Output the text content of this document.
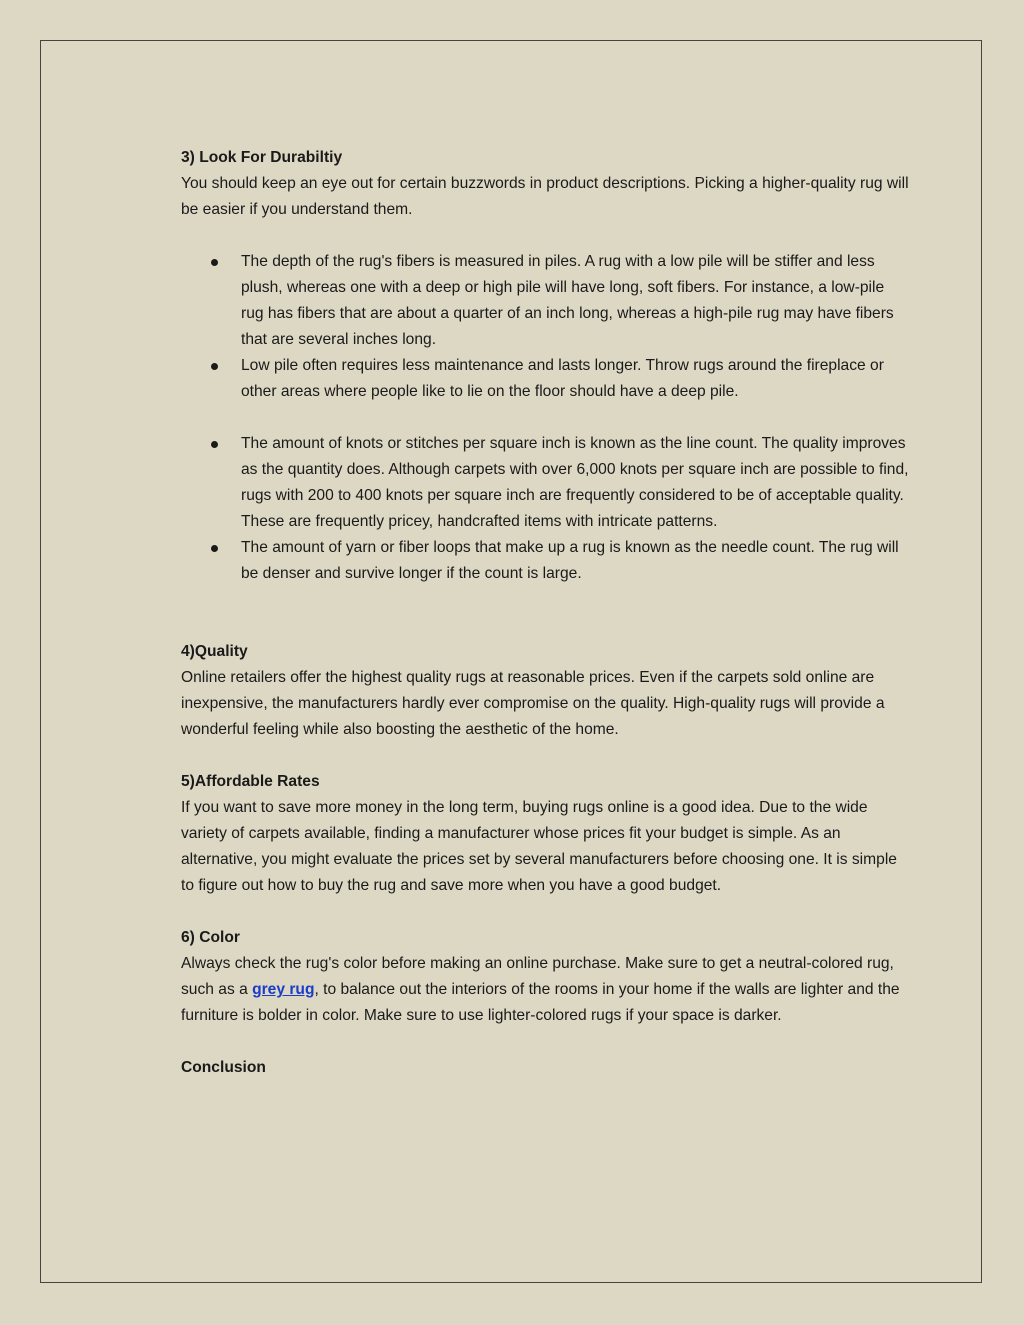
3) Look For Durabiltiy

You should keep an eye out for certain buzzwords in product descriptions. Picking a higher-quality rug will be easier if you understand them.

The depth of the rug's fibers is measured in piles. A rug with a low pile will be stiffer and less plush, whereas one with a deep or high pile will have long, soft fibers. For instance, a low-pile rug has fibers that are about a quarter of an inch long, whereas a high-pile rug may have fibers that are several inches long.
Low pile often requires less maintenance and lasts longer. Throw rugs around the fireplace or other areas where people like to lie on the floor should have a deep pile.
The amount of knots or stitches per square inch is known as the line count. The quality improves as the quantity does. Although carpets with over 6,000 knots per square inch are possible to find, rugs with 200 to 400 knots per square inch are frequently considered to be of acceptable quality. These are frequently pricey, handcrafted items with intricate patterns.
The amount of yarn or fiber loops that make up a rug is known as the needle count. The rug will be denser and survive longer if the count is large.

4)Quality

Online retailers offer the highest quality rugs at reasonable prices. Even if the carpets sold online are inexpensive, the manufacturers hardly ever compromise on the quality. High-quality rugs will provide a wonderful feeling while also boosting the aesthetic of the home.

5)Affordable Rates

If you want to save more money in the long term, buying rugs online is a good idea. Due to the wide variety of carpets available, finding a manufacturer whose prices fit your budget is simple. As an alternative, you might evaluate the prices set by several manufacturers before choosing one. It is simple to figure out how to buy the rug and save more when you have a good budget.

6) Color

Always check the rug's color before making an online purchase. Make sure to get a neutral-colored rug, such as a grey rug, to balance out the interiors of the rooms in your home if the walls are lighter and the furniture is bolder in color. Make sure to use lighter-colored rugs if your space is darker.

Conclusion
